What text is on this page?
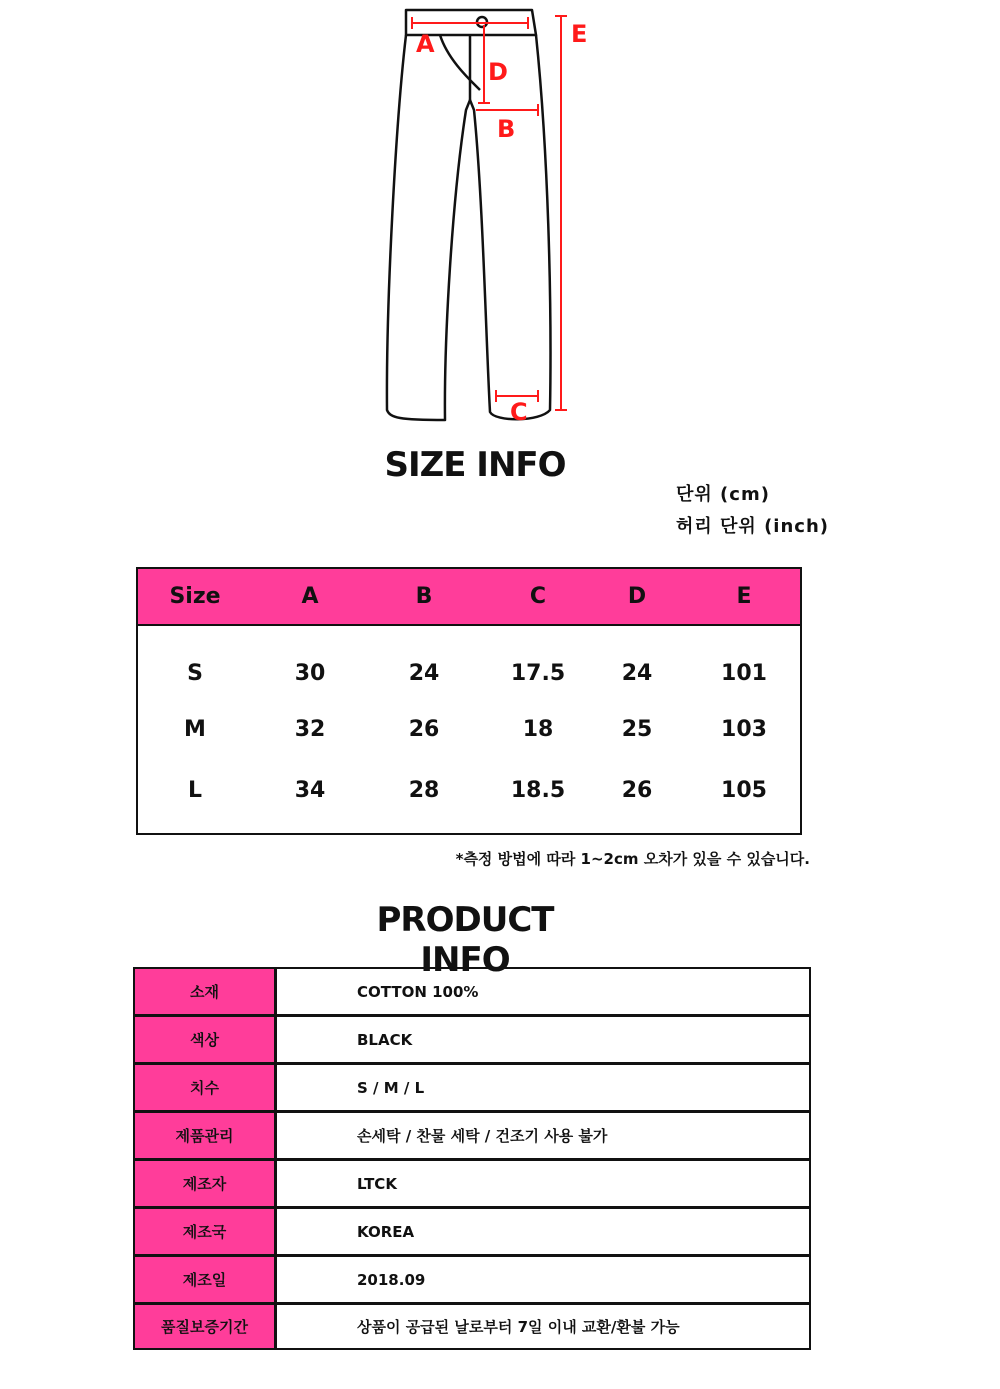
A
D
B
C
E
SIZE INFO
단위 (cm)
허리 단위 (inch)
Size	A	B	C	D	E
S	30	24	17.5	24	101
M	32	26	18	25	103
L	34	28	18.5	26	105
*측정 방법에 따라 1~2cm 오차가 있을 수 있습니다.
PRODUCT INFO
소재	COTTON 100%
색상	BLACK
치수	S / M / L
제품관리	손세탁 / 찬물 세탁 / 건조기 사용 불가
제조자	LTCK
제조국	KOREA
제조일	2018.09
품질보증기간	상품이 공급된 날로부터 7일 이내 교환/환불 가능
